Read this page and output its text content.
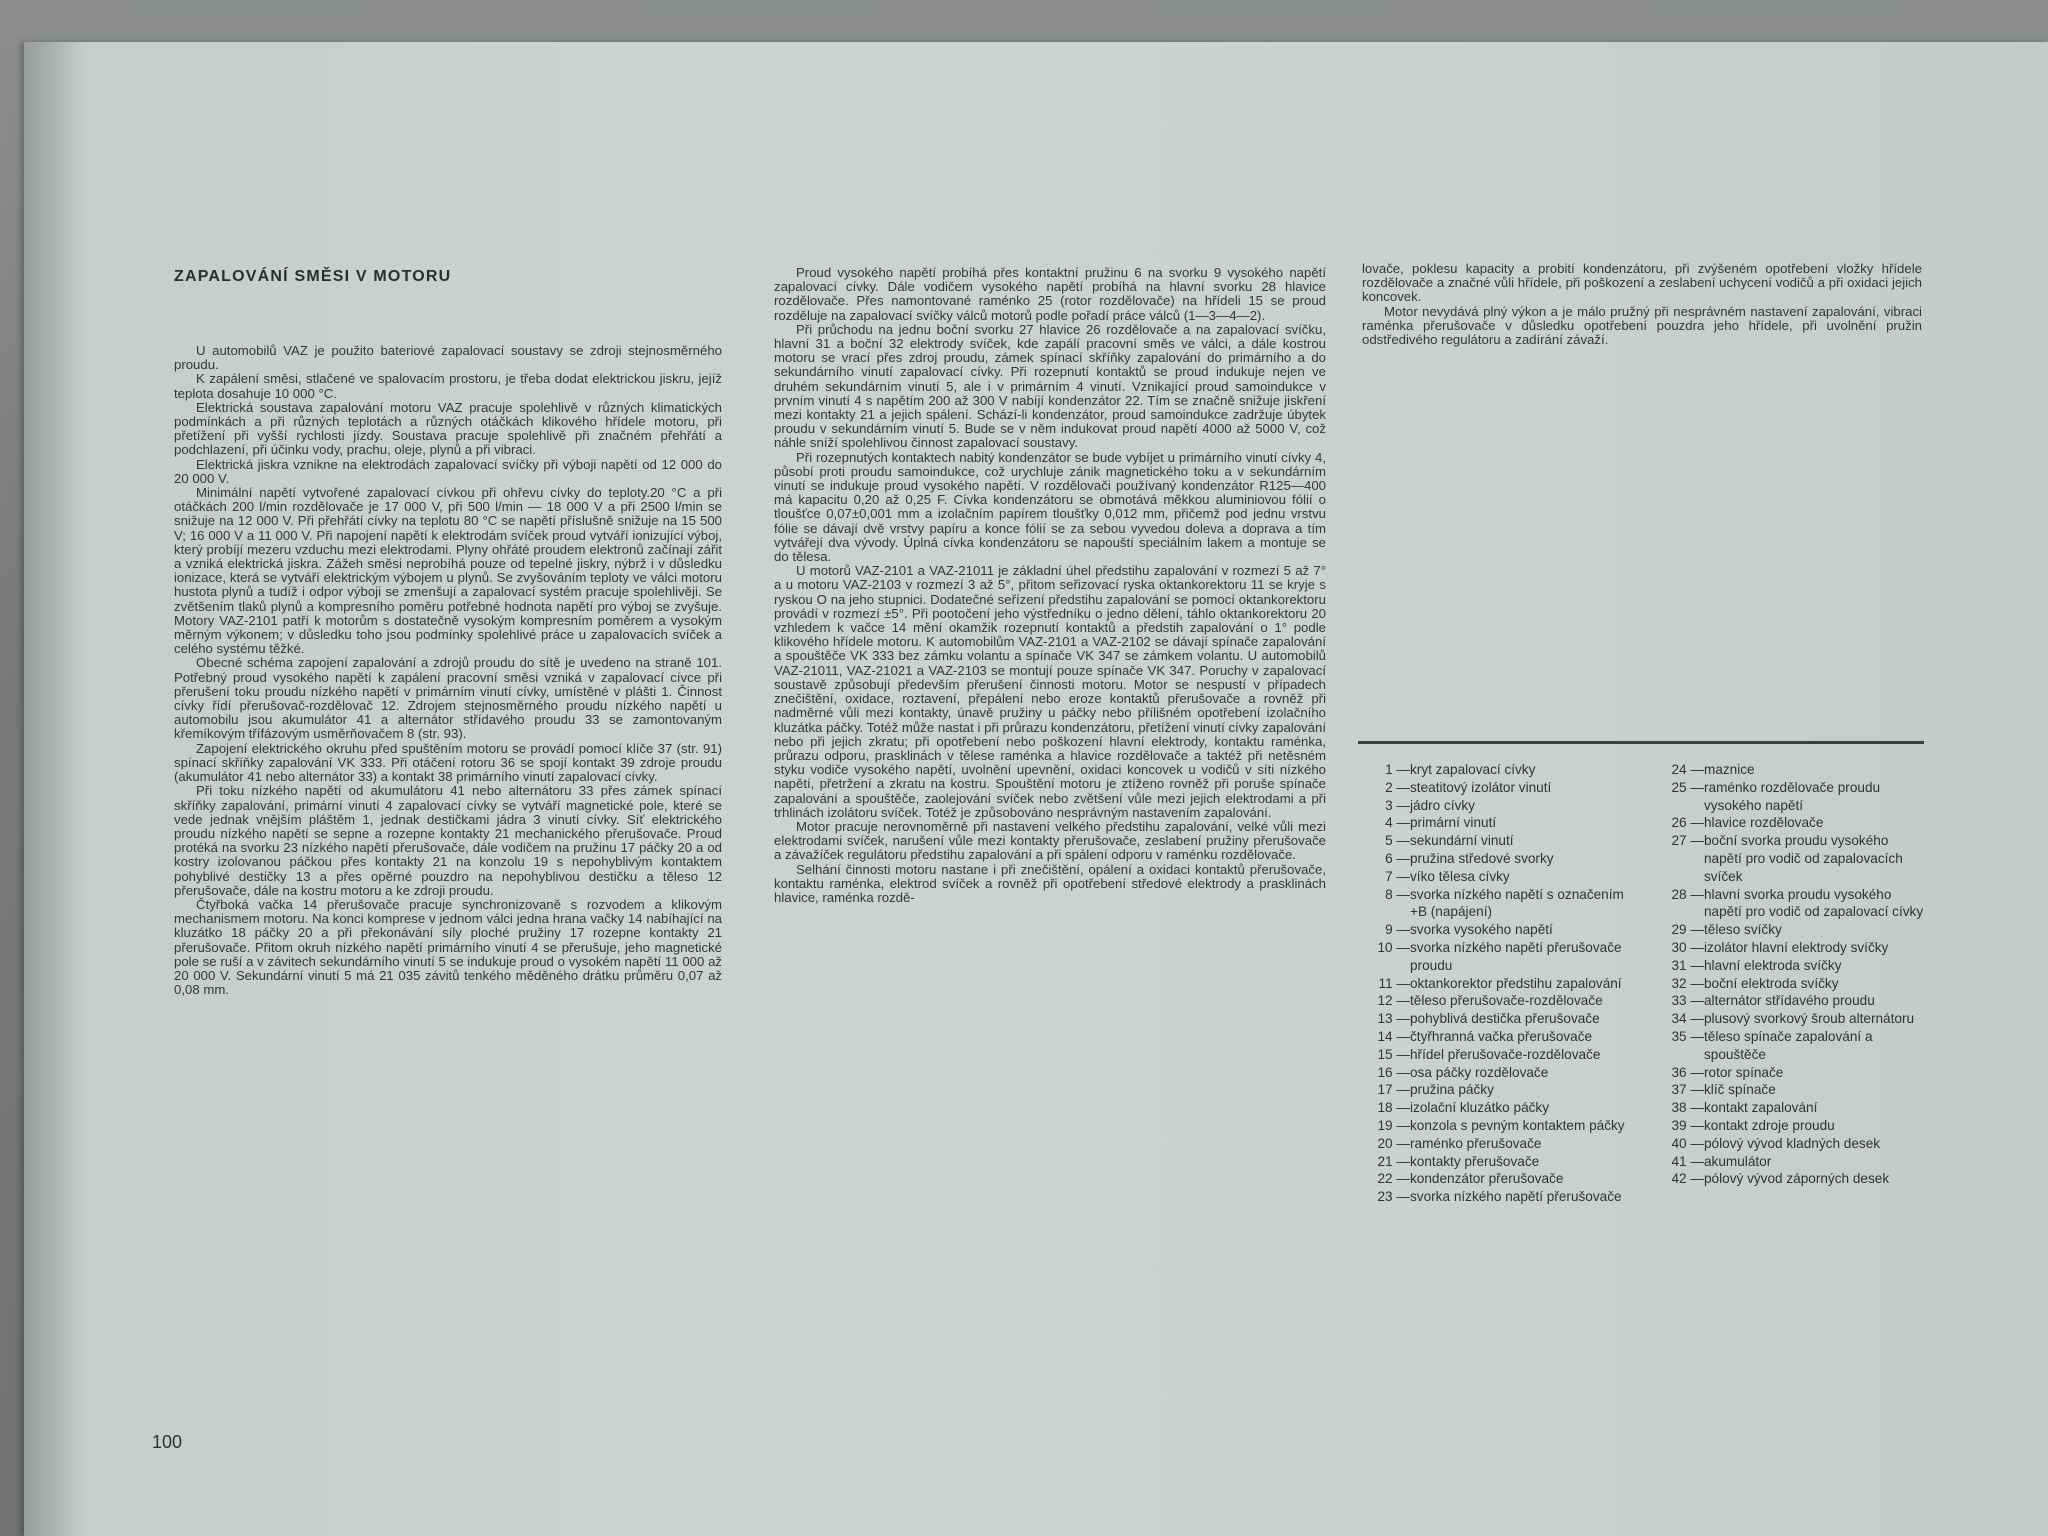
ZAPALOVÁNÍ SMĚSI V MOTORU

U automobilů VAZ je použito bateriové zapalovací soustavy se zdroji stejnosměrného proudu.

K zapálení směsi, stlačené ve spalovacím prostoru, je třeba dodat elektrickou jiskru, jejíž teplota dosahuje 10 000 °C.

Elektrická soustava zapalování motoru VAZ pracuje spolehlivě v různých klimatických podmínkách a při různých teplotách a různých otáčkách klikového hřídele motoru, při přetížení při vyšší rychlosti jízdy. Soustava pracuje spolehlivě při značném přehřátí a podchlazení, při účinku vody, prachu, oleje, plynů a při vibraci.

Elektrická jiskra vznikne na elektrodách zapalovací svíčky při výboji napětí od 12 000 do 20 000 V.

Minimální napětí vytvořené zapalovací cívkou při ohřevu cívky do teploty.20 °C a při otáčkách 200 l/min rozdělovače je 17 000 V, při 500 l/min — 18 000 V a při 2500 l/min se snižuje na 12 000 V. Při přehřátí cívky na teplotu 80 °C se napětí příslušně snižuje na 15 500 V; 16 000 V a 11 000 V. Při napojení napětí k elektrodám svíček proud vytváří ionizující výboj, který probíjí mezeru vzduchu mezi elektrodami. Plyny ohřáté proudem elektronů začínají zářit a vzniká elektrická jiskra. Zážeh směsi neprobíhá pouze od tepelné jiskry, nýbrž i v důsledku ionizace, která se vytváří elektrickým výbojem u plynů. Se zvyšováním teploty ve válci motoru hustota plynů a tudíž i odpor výboji se zmenšují a zapalovací systém pracuje spolehlivěji. Se zvětšením tlaků plynů a kompresního poměru potřebné hodnota napětí pro výboj se zvyšuje. Motory VAZ-2101 patří k motorům s dostatečně vysokým kompresním poměrem a vysokým měrným výkonem; v důsledku toho jsou podmínky spolehlivé práce u zapalovacích svíček a celého systému těžké.

Obecné schéma zapojení zapalování a zdrojů proudu do sítě je uvedeno na straně 101. Potřebný proud vysokého napětí k zapálení pracovní směsi vzniká v zapalovací cívce při přerušení toku proudu nízkého napětí v primárním vinutí cívky, umístěné v plášti 1. Činnost cívky řídí přerušovač-rozdělovač 12. Zdrojem stejnosměrného proudu nízkého napětí u automobilu jsou akumulátor 41 a alternátor střídavého proudu 33 se zamontovaným křemíkovým třífázovým usměrňovačem 8 (str. 93).

Zapojení elektrického okruhu před spuštěním motoru se provádí pomocí klíče 37 (str. 91) spínací skříňky zapalování VK 333. Při otáčení rotoru 36 se spojí kontakt 39 zdroje proudu (akumulátor 41 nebo alternátor 33) a kontakt 38 primárního vinutí zapalovací cívky.

Při toku nízkého napětí od akumulátoru 41 nebo alternátoru 33 přes zámek spínací skříňky zapalování, primární vinutí 4 zapalovací cívky se vytváří magnetické pole, které se vede jednak vnějším pláštěm 1, jednak destičkami jádra 3 vinutí cívky. Síť elektrického proudu nízkého napětí se sepne a rozepne kontakty 21 mechanického přerušovače. Proud protéká na svorku 23 nízkého napětí přerušovače, dále vodičem na pružinu 17 páčky 20 a od kostry izolovanou páčkou přes kontakty 21 na konzolu 19 s nepohyblivým kontaktem pohyblivé destičky 13 a přes opěrné pouzdro na nepohyblivou destičku a těleso 12 přerušovače, dále na kostru motoru a ke zdroji proudu.

Čtyřboká vačka 14 přerušovače pracuje synchronizovaně s rozvodem a klikovým mechanismem motoru. Na konci komprese v jednom válci jedna hrana vačky 14 nabíhající na kluzátko 18 páčky 20 a při překonávání síly ploché pružiny 17 rozepne kontakty 21 přerušovače. Přitom okruh nízkého napětí primárního vinutí 4 se přerušuje, jeho magnetické pole se ruší a v závitech sekundárního vinutí 5 se indukuje proud o vysokém napětí 11 000 až 20 000 V. Sekundární vinutí 5 má 21 035 závitů tenkého měděného drátku průměru 0,07 až 0,08 mm.

Proud vysokého napětí probíhá přes kontaktní pružinu 6 na svorku 9 vysokého napětí zapalovací cívky. Dále vodičem vysokého napětí probíhá na hlavní svorku 28 hlavice rozdělovače. Přes namontované raménko 25 (rotor rozdělovače) na hřídeli 15 se proud rozděluje na zapalovací svíčky válců motorů podle pořadí práce válců (1—3—4—2).

Při průchodu na jednu boční svorku 27 hlavice 26 rozdělovače a na zapalovací svíčku, hlavní 31 a boční 32 elektrody svíček, kde zapálí pracovní směs ve válci, a dále kostrou motoru se vrací přes zdroj proudu, zámek spínací skříňky zapalování do primárního a do sekundárního vinutí zapalovací cívky. Při rozepnutí kontaktů se proud indukuje nejen ve druhém sekundárním vinutí 5, ale i v primárním 4 vinutí. Vznikající proud samoindukce v prvním vinutí 4 s napětím 200 až 300 V nabíjí kondenzátor 22. Tím se značně snižuje jiskření mezi kontakty 21 a jejich spálení. Schází-li kondenzátor, proud samoindukce zadržuje úbytek proudu v sekundárním vinutí 5. Bude se v něm indukovat proud napětí 4000 až 5000 V, což náhle sníží spolehlivou činnost zapalovací soustavy.

Při rozepnutých kontaktech nabitý kondenzátor se bude vybíjet u primárního vinutí cívky 4, působí proti proudu samoindukce, což urychluje zánik magnetického toku a v sekundárním vinutí se indukuje proud vysokého napětí. V rozdělovači používaný kondenzátor R125—400 má kapacitu 0,20 až 0,25 F. Cívka kondenzátoru se obmotává měkkou aluminiovou fólií o tloušťce 0,07±0,001 mm a izolačním papírem tloušťky 0,012 mm, přičemž pod jednu vrstvu fólie se dávají dvě vrstvy papíru a konce fólií se za sebou vyvedou doleva a doprava a tím vytvářejí dva vývody. Úplná cívka kondenzátoru se napouští speciálním lakem a montuje se do tělesa.

U motorů VAZ-2101 a VAZ-21011 je základní úhel předstihu zapalování v rozmezí 5 až 7° a u motoru VAZ-2103 v rozmezí 3 až 5°, přitom seřizovací ryska oktankorektoru 11 se kryje s ryskou O na jeho stupnici. Dodatečné seřízení předstihu zapalování se pomocí oktankorektoru provádí v rozmezí ±5°. Při pootočení jeho výstředníku o jedno dělení, táhlo oktankorektoru 20 vzhledem k vačce 14 mění okamžik rozepnutí kontaktů a předstih zapalování o 1° podle klikového hřídele motoru. K automobilům VAZ-2101 a VAZ-2102 se dávají spínače zapalování a spouštěče VK 333 bez zámku volantu a spínače VK 347 se zámkem volantu. U automobilů VAZ-21011, VAZ-21021 a VAZ-2103 se montují pouze spínače VK 347. Poruchy v zapalovací soustavě způsobují především přerušení činnosti motoru. Motor se nespustí v případech znečištění, oxidace, roztavení, přepálení nebo eroze kontaktů přerušovače a rovněž při nadměrné vůli mezi kontakty, únavě pružiny u páčky nebo přílišném opotřebení izolačního kluzátka páčky. Totéž může nastat i při průrazu kondenzátoru, přetížení vinutí cívky zapalování nebo při jejich zkratu; při opotřebení nebo poškození hlavní elektrody, kontaktu raménka, průrazu odporu, prasklinách v tělese raménka a hlavice rozdělovače a taktéž při netěsném styku vodiče vysokého napětí, uvolnění upevnění, oxidaci koncovek u vodičů v síti nízkého napětí, přetržení a zkratu na kostru. Spouštění motoru je ztíženo rovněž při poruše spínače zapalování a spouštěče, zaolejování svíček nebo zvětšení vůle mezi jejich elektrodami a při trhlinách izolátoru svíček. Totéž je způsobováno nesprávným nastavením zapalování.

Motor pracuje nerovnoměrně při nastavení velkého předstihu zapalování, velké vůli mezi elektrodami svíček, narušení vůle mezi kontakty přerušovače, zeslabení pružiny přerušovače a závažíček regulátoru předstihu zapalování a při spálení odporu v raménku rozdělovače.

Selhání činnosti motoru nastane i při znečištění, opálení a oxidaci kontaktů přerušovače, kontaktu raménka, elektrod svíček a rovněž při opotřebení středové elektrody a prasklinách hlavice, raménka rozdě-

lovače, poklesu kapacity a probití kondenzátoru, při zvýšeném opotřebení vložky hřídele rozdělovače a značné vůli hřídele, při poškození a zeslabení uchycení vodičů a při oxidaci jejich koncovek.

Motor nevydává plný výkon a je málo pružný při nesprávném nastavení zapalování, vibraci raménka přerušovače v důsledku opotřebení pouzdra jeho hřídele, při uvolnění pružin odstředivého regulátoru a zadírání závaží.

1 — kryt zapalovací cívky
2 — steatitový izolátor vinutí
3 — jádro cívky
4 — primární vinutí
5 — sekundární vinutí
6 — pružina středové svorky
7 — víko tělesa cívky
8 — svorka nízkého napětí s označením +B (napájení)
9 — svorka vysokého napětí
10 — svorka nízkého napětí přerušovače proudu
11 — oktankorektor předstihu zapalování
12 — těleso přerušovače-rozdělovače
13 — pohyblivá destička přerušovače
14 — čtyřhranná vačka přerušovače
15 — hřídel přerušovače-rozdělovače
16 — osa páčky rozdělovače
17 — pružina páčky
18 — izolační kluzátko páčky
19 — konzola s pevným kontaktem páčky
20 — raménko přerušovače
21 — kontakty přerušovače
22 — kondenzátor přerušovače
23 — svorka nízkého napětí přerušovače
24 — maznice
25 — raménko rozdělovače proudu vysokého napětí
26 — hlavice rozdělovače
27 — boční svorka proudu vysokého napětí pro vodič od zapalovacích svíček
28 — hlavní svorka proudu vysokého napětí pro vodič od zapalovací cívky
29 — těleso svíčky
30 — izolátor hlavní elektrody svíčky
31 — hlavní elektroda svíčky
32 — boční elektroda svíčky
33 — alternátor střídavého proudu
34 — plusový svorkový šroub alternátoru
35 — těleso spínače zapalování a spouštěče
36 — rotor spínače
37 — klíč spínače
38 — kontakt zapalování
39 — kontakt zdroje proudu
40 — pólový vývod kladných desek
41 — akumulátor
42 — pólový vývod záporných desek
100
